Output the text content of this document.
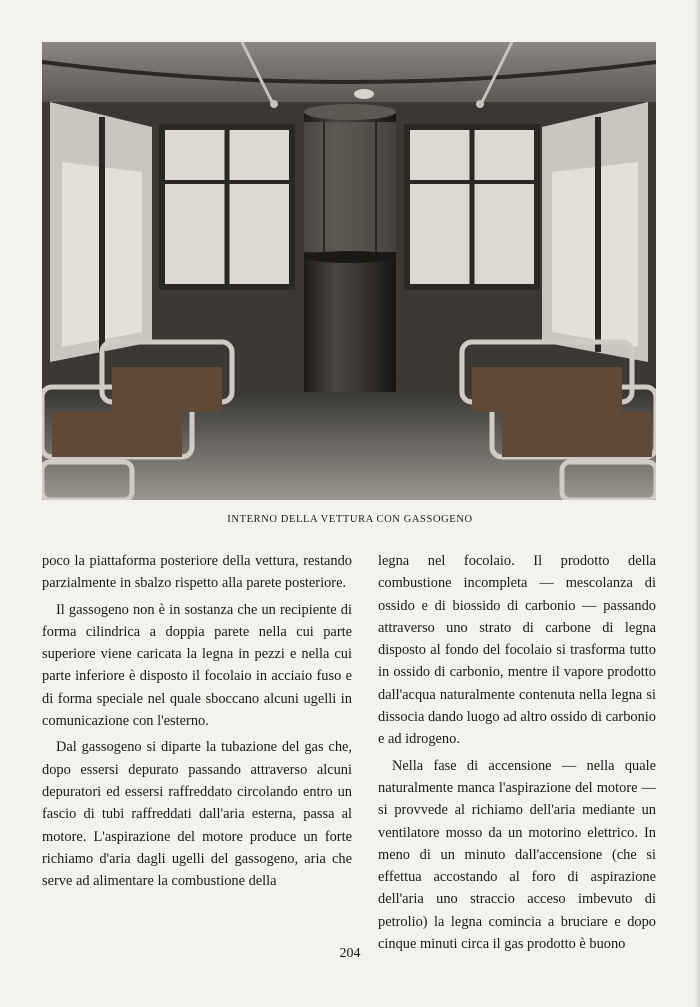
INTERNO DELLA VETTURA CON GASSOGENO

poco la piattaforma posteriore della vettura, restando parzialmente in sbalzo rispetto alla parete posteriore.

Il gassogeno non è in sostanza che un recipiente di forma cilindrica a doppia parete nella cui parte superiore viene caricata la legna in pezzi e nella cui parte inferiore è disposto il focolaio in acciaio fuso e di forma speciale nel quale sboccano alcuni ugelli in comunicazione con l'esterno.

Dal gassogeno si diparte la tubazione del gas che, dopo essersi depurato passando attraverso alcuni depuratori ed essersi raffreddato circolando entro un fascio di tubi raffreddati dall'aria esterna, passa al motore. L'aspirazione del motore produce un forte richiamo d'aria dagli ugelli del gassogeno, aria che serve ad alimentare la combustione della

legna nel focolaio. Il prodotto della combustione incompleta — mescolanza di ossido e di biossido di carbonio — passando attraverso uno strato di carbone di legna disposto al fondo del focolaio si trasforma tutto in ossido di carbonio, mentre il vapore prodotto dall'acqua naturalmente contenuta nella legna si dissocia dando luogo ad altro ossido di carbonio e ad idrogeno.

Nella fase di accensione — nella quale naturalmente manca l'aspirazione del motore — si provvede al richiamo dell'aria mediante un ventilatore mosso da un motorino elettrico. In meno di un minuto dall'accensione (che si effettua accostando al foro di aspirazione dell'aria uno straccio acceso imbevuto di petrolio) la legna comincia a bruciare e dopo cinque minuti circa il gas prodotto è buono

204
